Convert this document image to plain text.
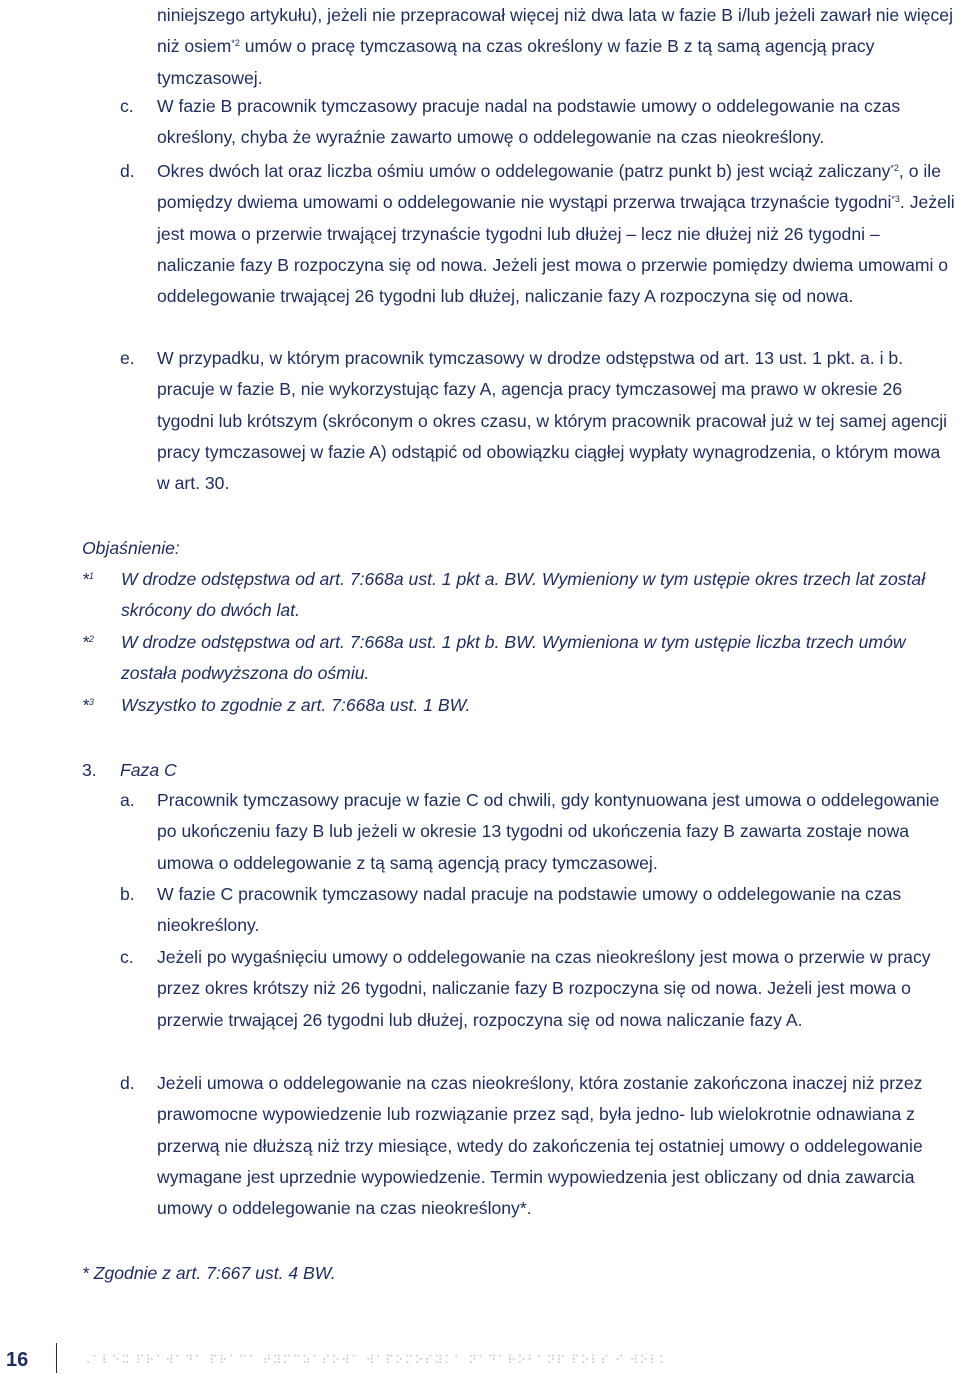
niniejszego artykułu), jeżeli nie przepracował więcej niż dwa lata w fazie B i/lub jeżeli zawarł nie więcej niż osiem$^{*2}$ umów o pracę tymczasową na czas określony w fazie B z tą samą agencją pracy tymczasowej.
c. W fazie B pracownik tymczasowy pracuje nadal na podstawie umowy o oddelegowanie na czas określony, chyba że wyraźnie zawarto umowę o oddelegowanie na czas nieokreślony.
d. Okres dwóch lat oraz liczba ośmiu umów o oddelegowanie (patrz punkt b) jest wciąż zaliczany$^{*2}$, o ile pomiędzy dwiema umowami o oddelegowanie nie wystąpi przerwa trwająca trzynaście tygodni$^{*3}$. Jeżeli jest mowa o przerwie trwającej trzynaście tygodni lub dłużej – lecz nie dłużej niż 26 tygodni – naliczanie fazy B rozpoczyna się od nowa. Jeżeli jest mowa o przerwie pomiędzy dwiema umowami o oddelegowanie trwającej 26 tygodni lub dłużej, naliczanie fazy A rozpoczyna się od nowa.
e. W przypadku, w którym pracownik tymczasowy w drodze odstępstwa od art. 13 ust. 1 pkt. a. i b. pracuje w fazie B, nie wykorzystując fazy A, agencja pracy tymczasowej ma prawo w okresie 26 tygodni lub krótszym (skróconym o okres czasu, w którym pracownik pracował już w tej samej agencji pracy tymczasowej w fazie A) odstąpić od obowiązku ciągłej wypłaty wynagrodzenia, o którym mowa w art. 30.
Objaśnienie:
*$^1$ W drodze odstępstwa od art. 7:668a ust. 1 pkt a. BW. Wymieniony w tym ustępie okres trzech lat został skrócony do dwóch lat.
*$^2$ W drodze odstępstwa od art. 7:668a ust. 1 pkt b. BW. Wymieniona w tym ustępie liczba trzech umów została podwyższona do ośmiu.
*$^3$ Wszystko to zgodnie z art. 7:668a ust. 1 BW.
3. Faza C
a. Pracownik tymczasowy pracuje w fazie C od chwili, gdy kontynuowana jest umowa o oddelegowanie po ukończeniu fazy B lub jeżeli w okresie 13 tygodni od ukończenia fazy B zawarta zostaje nowa umowa o oddelegowanie z tą samą agencją pracy tymczasowej.
b. W fazie C pracownik tymczasowy nadal pracuje na podstawie umowy o oddelegowanie na czas nieokreślony.
c. Jeżeli po wygaśnięciu umowy o oddelegowanie na czas nieokreślony jest mowa o przerwie w pracy przez okres krótszy niż 26 tygodni, naliczanie fazy B rozpoczyna się od nowa. Jeżeli jest mowa o przerwie trwającej 26 tygodni lub dłużej, rozpoczyna się od nowa naliczanie fazy A.
d. Jeżeli umowa o oddelegowanie na czas nieokreślony, która zostanie zakończona inaczej niż przez prawomocne wypowiedzenie lub rozwiązanie przez sąd, była jedno- lub wielokrotnie odnawiana z przerwą nie dłuższą niż trzy miesiące, wtedy do zakończenia tej ostatniej umowy o oddelegowanie wymagane jest uprzednie wypowiedzenie. Termin wypowiedzenia jest obliczany od dnia zawarcia umowy o oddelegowanie na czas nieokreślony*.
* Zgodnie z art. 7:667 ust. 4 BW.
16	⠠⠁⠇⠑⠭ ⠏⠗⠁⠺⠁⠙⠁ ⠏⠗⠁⠉⠁ ⠞⠽⠍⠉⠵⠁⠎⠕⠺⠁ ⠺⠁⠏⠕⠍⠕⠎⠽⠅⠁ ⠝⠁⠙⠁⠗⠕⠃⠁⠝⠏ ⠏⠕⠇⠎ ⠊ ⠺⠕⠇⠅
